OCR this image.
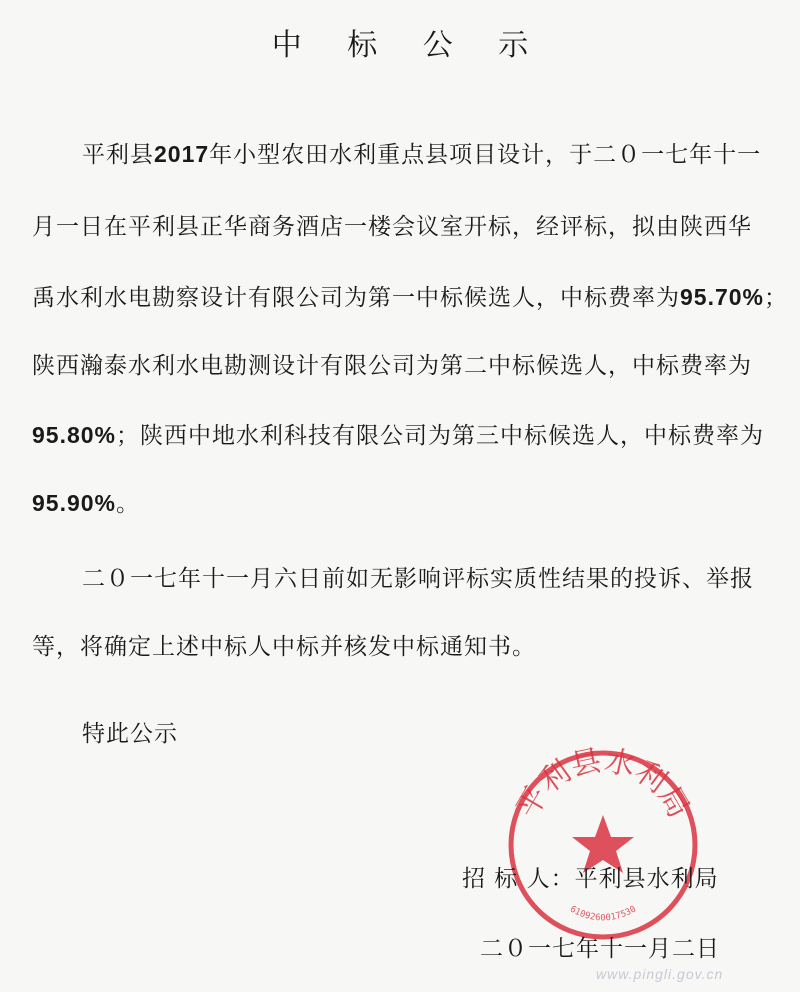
中 标 公 示
平利县2017年小型农田水利重点县项目设计，于二０一七年十一
月一日在平利县正华商务酒店一楼会议室开标，经评标，拟由陕西华
禹水利水电勘察设计有限公司为第一中标候选人，中标费率为95.70%；
陕西瀚泰水利水电勘测设计有限公司为第二中标候选人，中标费率为
95.80%；陕西中地水利科技有限公司为第三中标候选人，中标费率为
95.90%。
二０一七年十一月六日前如无影响评标实质性结果的投诉、举报
等，将确定上述中标人中标并核发中标通知书。
特此公示
平利县水利局
6109260017530
招 标 人：平利县水利局
二０一七年十一月二日
www.pingli.gov.cn
